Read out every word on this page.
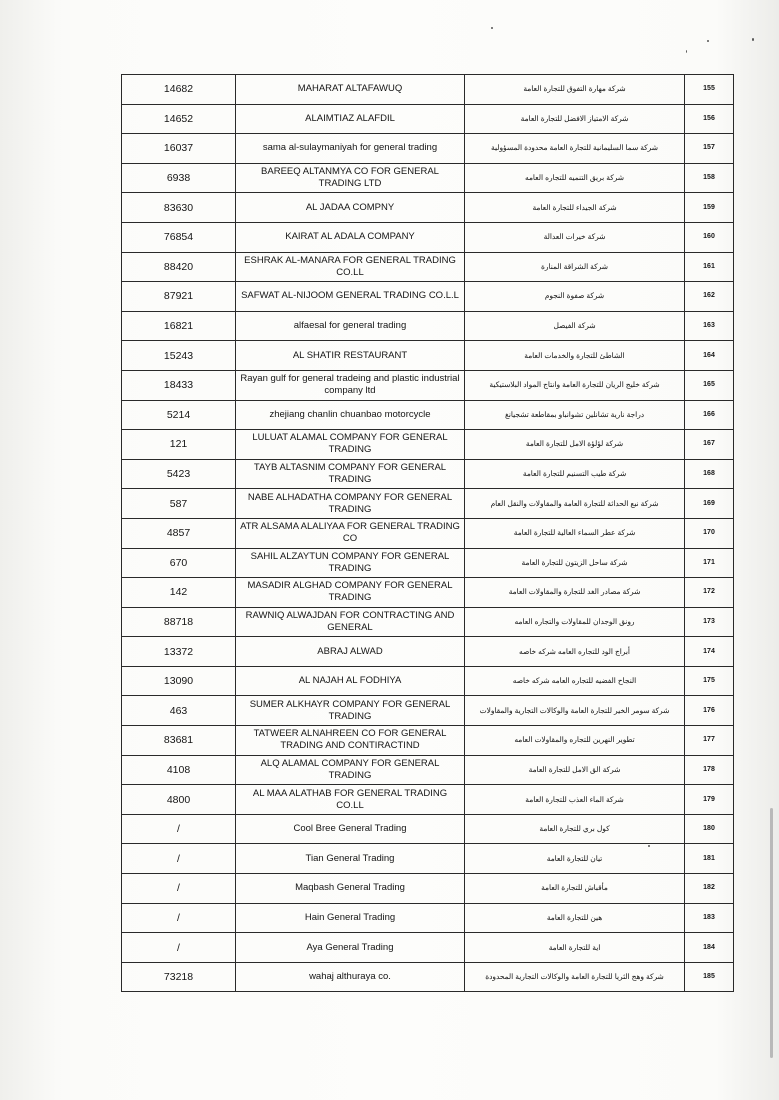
14682	MAHARAT ALTAFAWUQ	شركة مهارة التفوق للتجارة العامة	155
14652	ALAIMTIAZ ALAFDIL	شركة الامتياز الافضل للتجارة العامة	156
16037	sama al-sulaymaniyah for general trading	شركة سما السليمانية للتجارة العامة محدودة المسؤولية	157
6938	BAREEQ ALTANMYA CO FOR GENERAL TRADING LTD	شركة بريق التنميه للتجاره العامه	158
83630	AL JADAA COMPNY	شركة الجيداء للتجارة العامة	159
76854	KAIRAT AL ADALA COMPANY	شركة خيرات العدالة	160
88420	ESHRAK AL-MANARA FOR GENERAL TRADING CO.LL	شركة الشراقة المنارة	161
87921	SAFWAT AL-NIJOOM GENERAL TRADING CO.L.L	شركة صفوة النجوم	162
16821	alfaesal for general trading	شركة الفيصل	163
15243	AL SHATIR RESTAURANT	الشاطئ للتجارة والخدمات العامة	164
18433	Rayan gulf for general tradeing and plastic industrial company ltd	شركة خليج الريان للتجارة العامة وانتاج المواد البلاستيكية	165
5214	zhejiang chanlin chuanbao motorcycle	دراجة نارية تشانلين تشوانباو بمقاطعة تشجيانغ	166
121	LULUAT ALAMAL COMPANY FOR GENERAL TRADING	شركة لؤلؤة الامل للتجارة العامة	167
5423	TAYB ALTASNIM COMPANY FOR GENERAL TRADING	شركة طيب التسنيم للتجارة العامة	168
587	NABE ALHADATHA COMPANY FOR GENERAL TRADING	شركة نبع الحداثة للتجارة العامة والمقاولات والنقل العام	169
4857	ATR ALSAMA ALALIYAA FOR GENERAL TRADING CO	شركة عطر السماء العالية للتجارة العامة	170
670	SAHIL ALZAYTUN COMPANY FOR GENERAL TRADING	شركة ساحل الزيتون للتجارة العامة	171
142	MASADIR ALGHAD COMPANY FOR GENERAL TRADING	شركة مصادر الغد للتجارة والمقاولات العامة	172
88718	RAWNIQ ALWAJDAN FOR CONTRACTING AND GENERAL	رونق الوجدان للمقاولات والتجاره العامه	173
13372	ABRAJ ALWAD	أبراج الود للتجاره العامه شركه خاصه	174
13090	AL NAJAH AL FODHIYA	النجاح الفضيه للتجاره العامه شركه خاصه	175
463	SUMER ALKHAYR COMPANY FOR GENERAL TRADING	شركة سومر الخير للتجارة العامة والوكالات التجارية والمقاولات	176
83681	TATWEER ALNAHREEN CO FOR GENERAL TRADING AND CONTIRACTIND	تطوير النهرين للتجاره والمقاولات العامه	177
4108	ALQ ALAMAL COMPANY FOR GENERAL TRADING	شركة الق الامل للتجارة العامة	178
4800	AL MAA ALATHAB FOR GENERAL TRADING CO.LL	شركة الماء العذب للتجارة العامة	179
/	Cool Bree General Trading	كول بري للتجارة العامة	180
/	Tian General Trading	تيان للتجارة العامة	181
/	Maqbash General Trading	مأقباش للتجارة العامة	182
/	Hain General Trading	هين للتجارة العامة	183
/	Aya General Trading	اية للتجارة العامة	184
73218	wahaj althuraya co.	شركة وهج الثريا للتجارة العامة والوكالات التجارية المحدودة	185
